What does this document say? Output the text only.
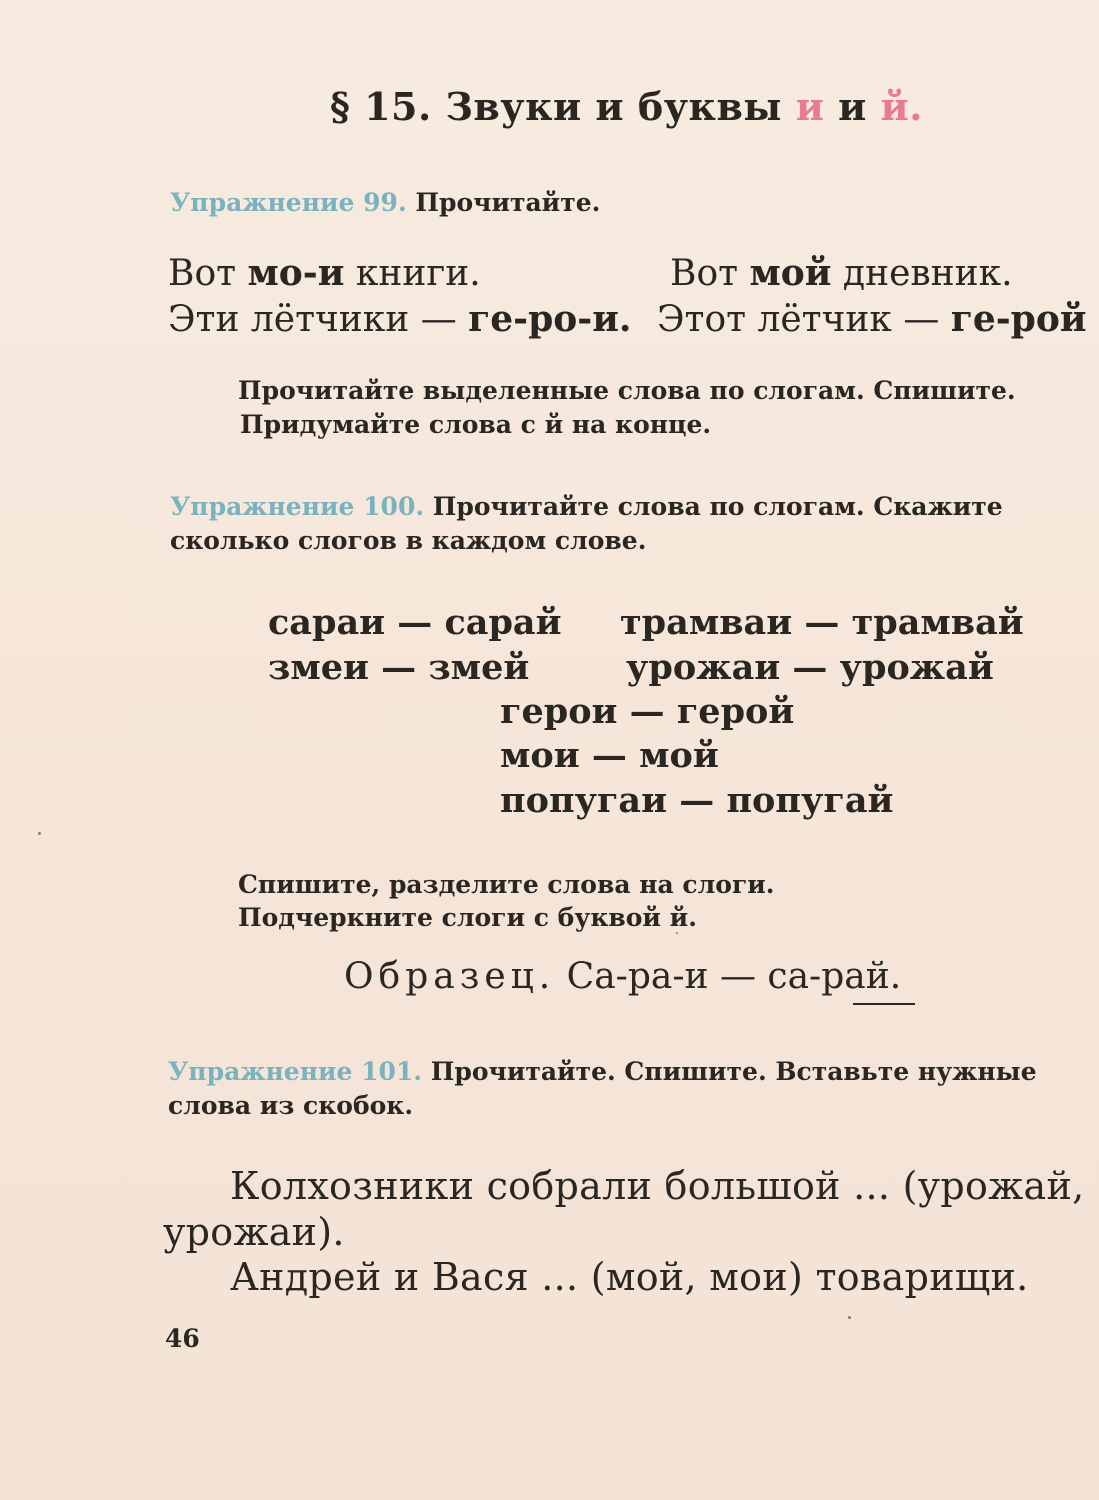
§ 15. Звуки и буквы и и й.
Упражнение 99. Прочитайте.
Вот мо-и книги.	Вот мой дневник.
Эти лётчики — ге-ро-и. Этот лётчик — ге-рой
Прочитайте выделенные слова по слогам. Спишите.
Придумайте слова с й на конце.
Упражнение 100. Прочитайте слова по слогам. Скажите
сколько слогов в каждом слове.
сараи — сарай трамваи — трамвай
змеи — змей	урожаи — урожай
герои — герой
мои — мой
попугаи — попугай
Спишите, разделите слова на слоги.
Подчеркните слоги с буквой й.
Образец. Са-ра-и — са-рай.
Упражнение 101. Прочитайте. Спишите. Вставьте нужные
слова из скобок.
Колхозники собрали большой ... (урожай,
урожаи).
Андрей и Вася ... (мой, мои) товарищи.
46
